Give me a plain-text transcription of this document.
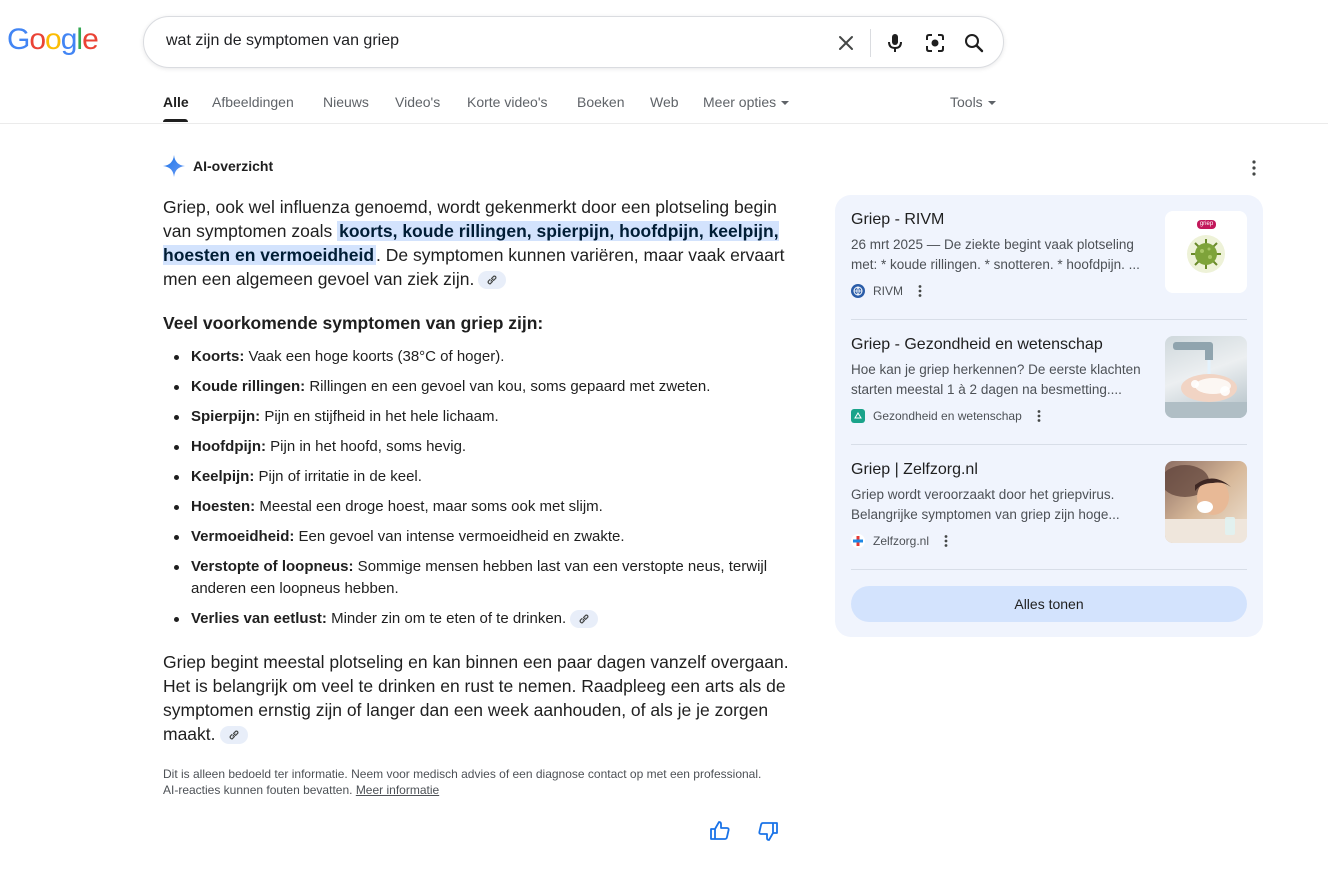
Google	wat zijn de symptomen van griep
Alle Afbeeldingen Nieuws Video's Korte video's Boeken Web Meer opties	Tools
AI-overzicht

Griep, ook wel influenza genoemd, wordt gekenmerkt door een plotseling begin van symptomen zoals koorts, koude rillingen, spierpijn, hoofdpijn, keelpijn, hoesten en vermoeidheid . De symptomen kunnen variëren, maar vaak ervaart men een algemeen gevoel van ziek zijn.

Veel voorkomende symptomen van griep zijn:

Koorts: Vaak een hoge koorts (38°C of hoger).
Koude rillingen: Rillingen en een gevoel van kou, soms gepaard met zweten.
Spierpijn: Pijn en stijfheid in het hele lichaam.
Hoofdpijn: Pijn in het hoofd, soms hevig.
Keelpijn: Pijn of irritatie in de keel.
Hoesten: Meestal een droge hoest, maar soms ook met slijm.
Vermoeidheid: Een gevoel van intense vermoeidheid en zwakte.
Verstopte of loopneus: Sommige mensen hebben last van een verstopte neus, terwijl anderen een loopneus hebben.
Verlies van eetlust: Minder zin om te eten of te drinken.

Griep begint meestal plotseling en kan binnen een paar dagen vanzelf overgaan. Het is belangrijk om veel te drinken en rust te nemen. Raadpleeg een arts als de symptomen ernstig zijn of langer dan een week aanhouden, of als je je zorgen maakt.

Dit is alleen bedoeld ter informatie. Neem voor medisch advies of een diagnose contact op met een professional.
AI-reacties kunnen fouten bevatten. Meer informatie
Griep - RIVM
26 mrt 2025 — De ziekte begint vaak plotseling
met: * koude rillingen. * snotteren. * hoofdpijn. ...
RIVM
griep
Griep - Gezondheid en wetenschap
Hoe kan je griep herkennen? De eerste klachten
starten meestal 1 à 2 dagen na besmetting....
Gezondheid en wetenschap
Griep | Zelfzorg.nl
Griep wordt veroorzaakt door het griepvirus.
Belangrijke symptomen van griep zijn hoge...
Zelfzorg.nl
Alles tonen
